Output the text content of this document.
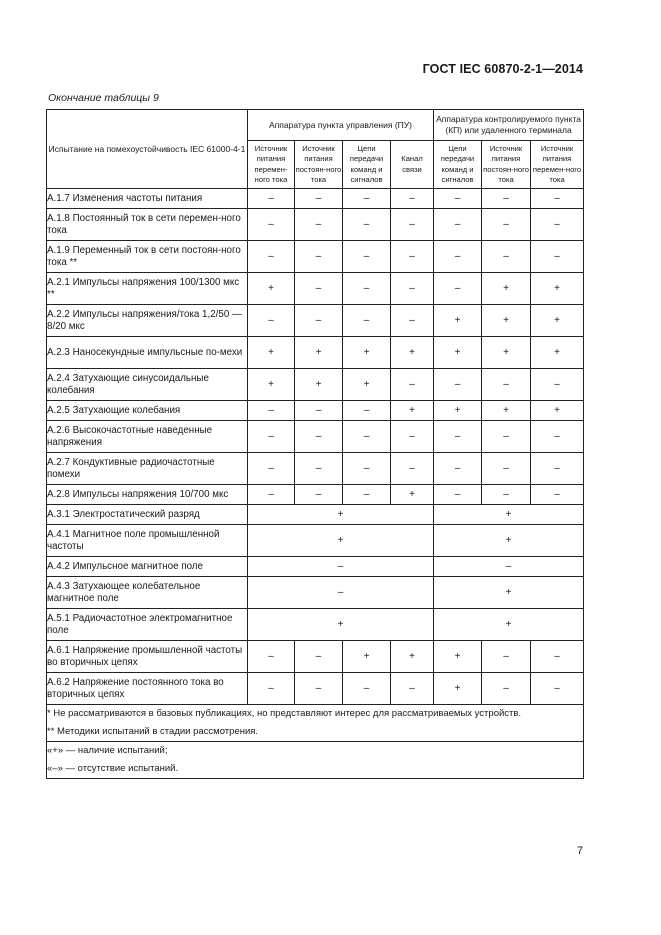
ГОСТ IEC 60870-2-1—2014
Окончание таблицы 9
Испытание на помехоустойчивость IEC 61000-4-1	Аппаратура пункта управления (ПУ)				Аппаратура контролируемого пункта (КП) или удаленного терминала		
	Источник питания перемен-ного тока	Источник питания постоян-ного тока	Цепи передачи команд и сигналов	Канал связи	Цепи передачи команд и сигналов	Источник питания постоян-ного тока	Источник питания перемен-ного тока
А.1.7 Изменения частоты питания	–	–	–	–	–	–	–
А.1.8 Постоянный ток в сети перемен-ного тока	–	–	–	–	–	–	–
А.1.9 Переменный ток в сети постоян-ного тока **	–	–	–	–	–	–	–
А.2.1 Импульсы напряжения 100/1300 мкс **	+	–	–	–	–	+	+
А.2.2 Импульсы напряжения/тока 1,2/50 — 8/20 мкс	–	–	–	–	+	+	+
А.2.3 Наносекундные импульсные по-мехи	+	+	+	+	+	+	+
А.2.4 Затухающие синусоидальные колебания	+	+	+	–	–	–	–
А.2.5 Затухающие колебания	–	–	–	+	+	+	+
А.2.6 Высокочастотные наведенные напряжения	–	–	–	–	–	–	–
А.2.7 Кондуктивные радиочастотные помехи	–	–	–	–	–	–	–
А.2.8 Импульсы напряжения 10/700 мкс	–	–	–	+	–	–	–
А.3.1 Электростатический разряд	+				+		
А.4.1 Магнитное поле промышленной частоты	+				+		
А.4.2 Импульсное магнитное поле	–				–		
А.4.3 Затухающее колебательное магнитное поле	–				+		
А.5.1 Радиочастотное электромагнитное поле	+				+		
А.6.1 Напряжение промышленной частоты во вторичных цепях	–	–	+	+	+	–	–
А.6.2 Напряжение постоянного тока во вторичных цепях	–	–	–	–	+	–	–

* Не рассматриваются в базовых публикациях, но представляют интерес для рассматриваемых устройств.
** Методики испытаний в стадии рассмотрения.							

«+» — наличие испытаний;
«–» — отсутствие испытаний.							
7
